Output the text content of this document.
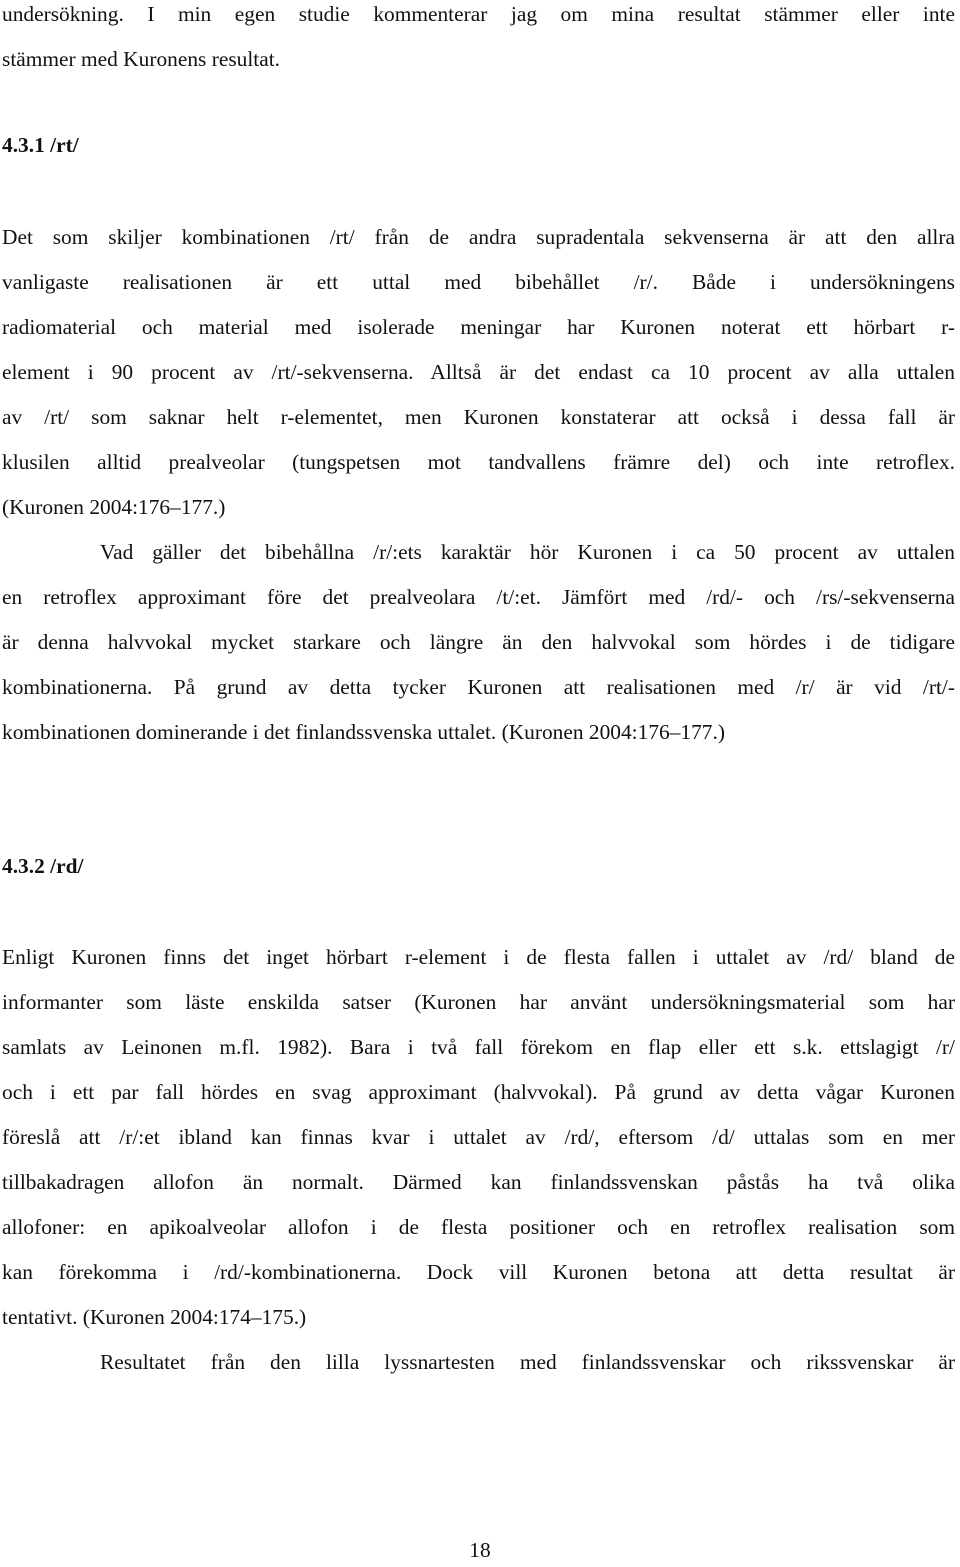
undersökning. I min egen studie kommenterar jag om mina resultat stämmer eller inte
stämmer med Kuronens resultat.
4.3.1 /rt/
Det som skiljer kombinationen /rt/ från de andra supradentala sekvenserna är att den allra
vanligaste realisationen är ett uttal med bibehållet /r/. Både i undersökningens
radiomaterial och material med isolerade meningar har Kuronen noterat ett hörbart r-
element i 90 procent av /rt/-sekvenserna. Alltså är det endast ca 10 procent av alla uttalen
av /rt/ som saknar helt r-elementet, men Kuronen konstaterar att också i dessa fall är
klusilen alltid prealveolar (tungspetsen mot tandvallens främre del) och inte retroflex.
(Kuronen 2004:176–177.)
Vad gäller det bibehållna /r/:ets karaktär hör Kuronen i ca 50 procent av uttalen
en retroflex approximant före det prealveolara /t/:et. Jämfört med /rd/- och /rs/-sekvenserna
är denna halvvokal mycket starkare och längre än den halvvokal som hördes i de tidigare
kombinationerna. På grund av detta tycker Kuronen att realisationen med /r/ är vid /rt/-
kombinationen dominerande i det finlandssvenska uttalet. (Kuronen 2004:176–177.)
4.3.2 /rd/
Enligt Kuronen finns det inget hörbart r-element i de flesta fallen i uttalet av /rd/ bland de
informanter som läste enskilda satser (Kuronen har använt undersökningsmaterial som har
samlats av Leinonen m.fl. 1982). Bara i två fall förekom en flap eller ett s.k. ettslagigt /r/
och i ett par fall hördes en svag approximant (halvvokal). På grund av detta vågar Kuronen
föreslå att /r/:et ibland kan finnas kvar i uttalet av /rd/, eftersom /d/ uttalas som en mer
tillbakadragen allofon än normalt. Därmed kan finlandssvenskan påstås ha två olika
allofoner: en apikoalveolar allofon i de flesta positioner och en retroflex realisation som
kan förekomma i /rd/-kombinationerna. Dock vill Kuronen betona att detta resultat är
tentativt. (Kuronen 2004:174–175.)
Resultatet från den lilla lyssnartesten med finlandssvenskar och rikssvenskar är
18
